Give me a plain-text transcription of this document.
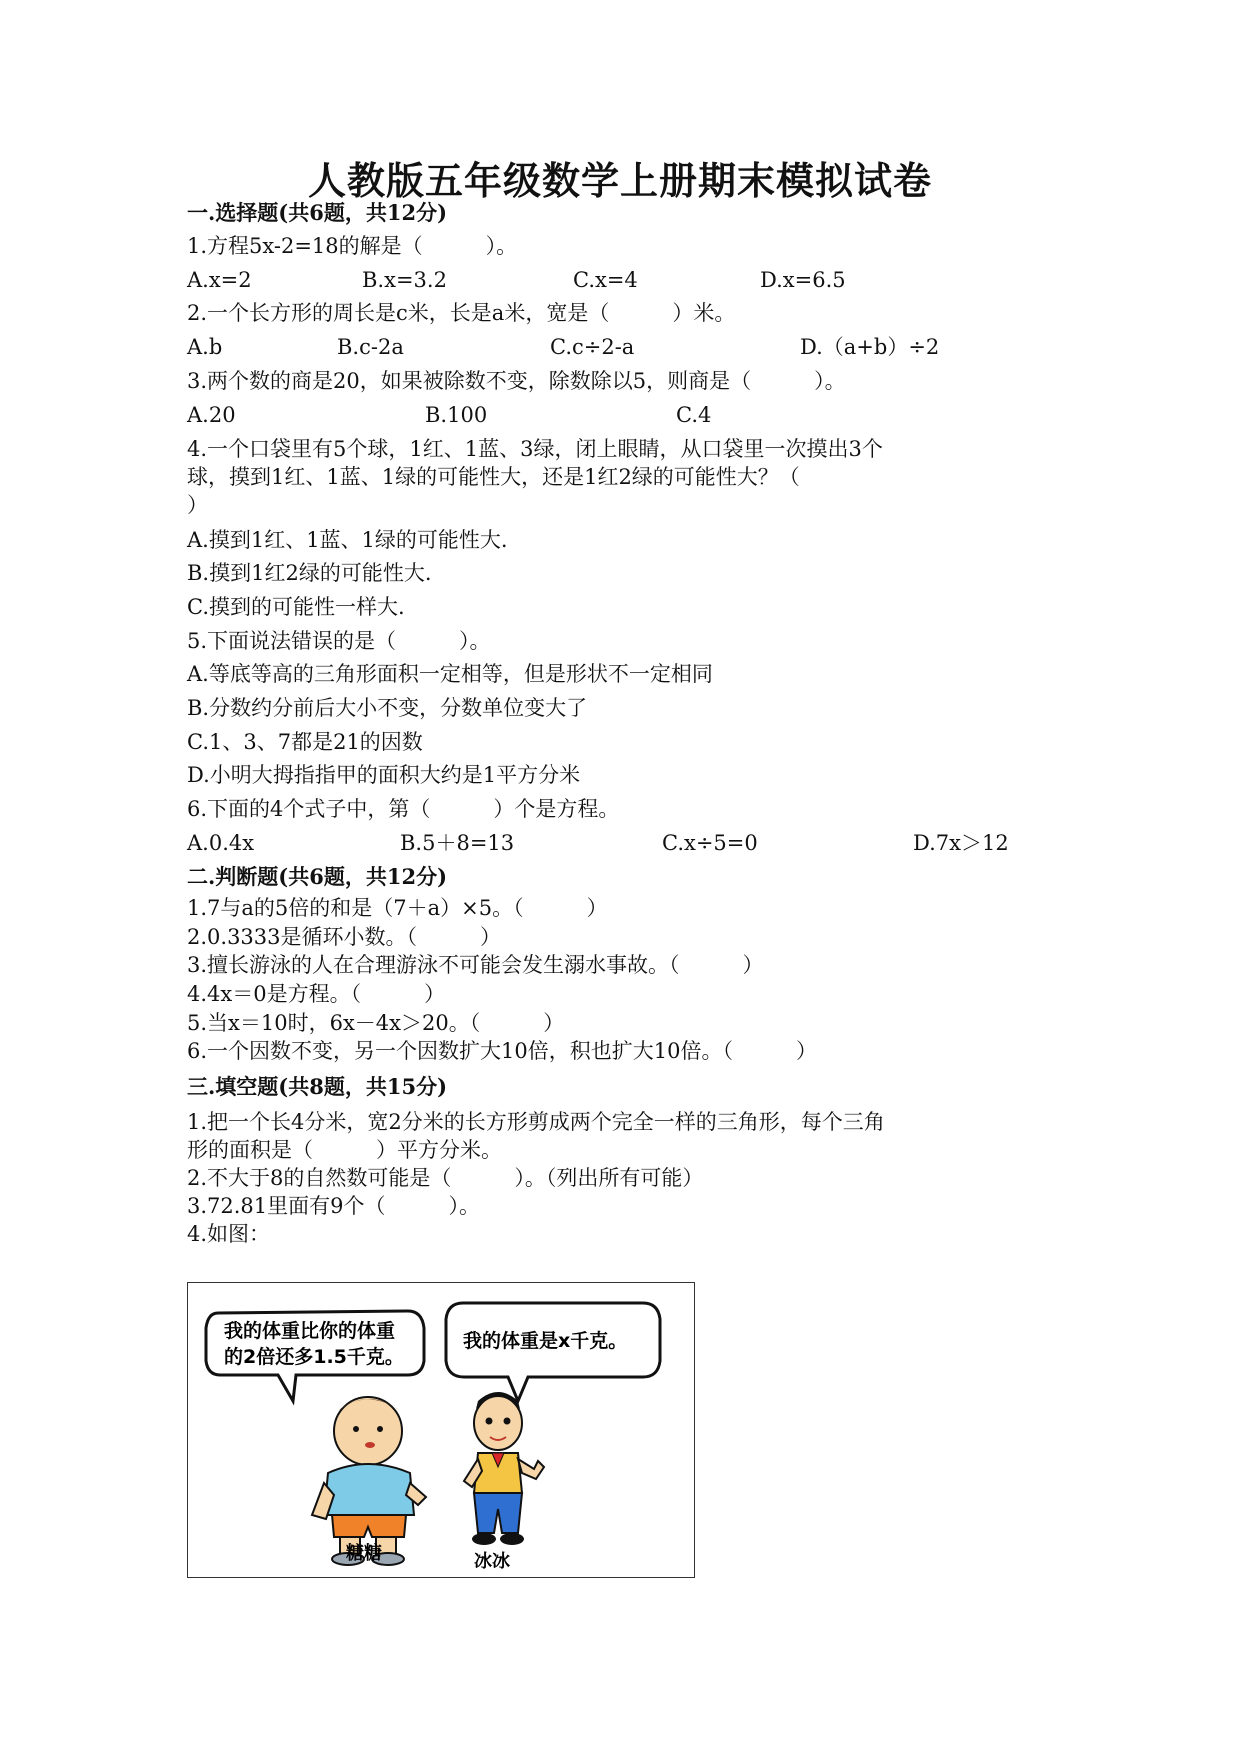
人教版五年级数学上册期末模拟试卷
一.选择题(共6题，共12分)
1.方程5x-2=18的解是（　　　）。
A.x=2	B.x=3.2	C.x=4	D.x=6.5
2.一个长方形的周长是c米，长是a米，宽是（　　　）米。
A.b	B.c-2a	C.c÷2-a	D.（a+b）÷2
3.两个数的商是20，如果被除数不变，除数除以5，则商是（　　　）。
A.20	B.100	C.4
4.一个口袋里有5个球，1红、1蓝、3绿，闭上眼睛，从口袋里一次摸出3个
球，摸到1红、1蓝、1绿的可能性大，还是1红2绿的可能性大？（
）
A.摸到1红、1蓝、1绿的可能性大.
B.摸到1红2绿的可能性大.
C.摸到的可能性一样大.
5.下面说法错误的是（　　　）。
A.等底等高的三角形面积一定相等，但是形状不一定相同
B.分数约分前后大小不变，分数单位变大了
C.1、3、7都是21的因数
D.小明大拇指指甲的面积大约是1平方分米
6.下面的4个式子中，第（　　　）个是方程。
A.0.4x	B.5＋8=13	C.x÷5=0	D.7x＞12
二.判断题(共6题，共12分)
1.7与a的5倍的和是（7＋a）×5。（　　　）
2.0.3333是循环小数。（　　　）
3.擅长游泳的人在合理游泳不可能会发生溺水事故。（　　　）
4.4x＝0是方程。（　　　）
5.当x＝10时，6x－4x＞20。（　　　）
6.一个因数不变，另一个因数扩大10倍，积也扩大10倍。（　　　）
三.填空题(共8题，共15分)
1.把一个长4分米，宽2分米的长方形剪成两个完全一样的三角形，每个三角
形的面积是（　　　）平方分米。
2.不大于8的自然数可能是（　　　）。（列出所有可能）
3.72.81里面有9个（　　　）。
4.如图：
我的体重比你的体重
的2倍还多1.5千克。
我的体重是x千克。
糖糖	冰冰
